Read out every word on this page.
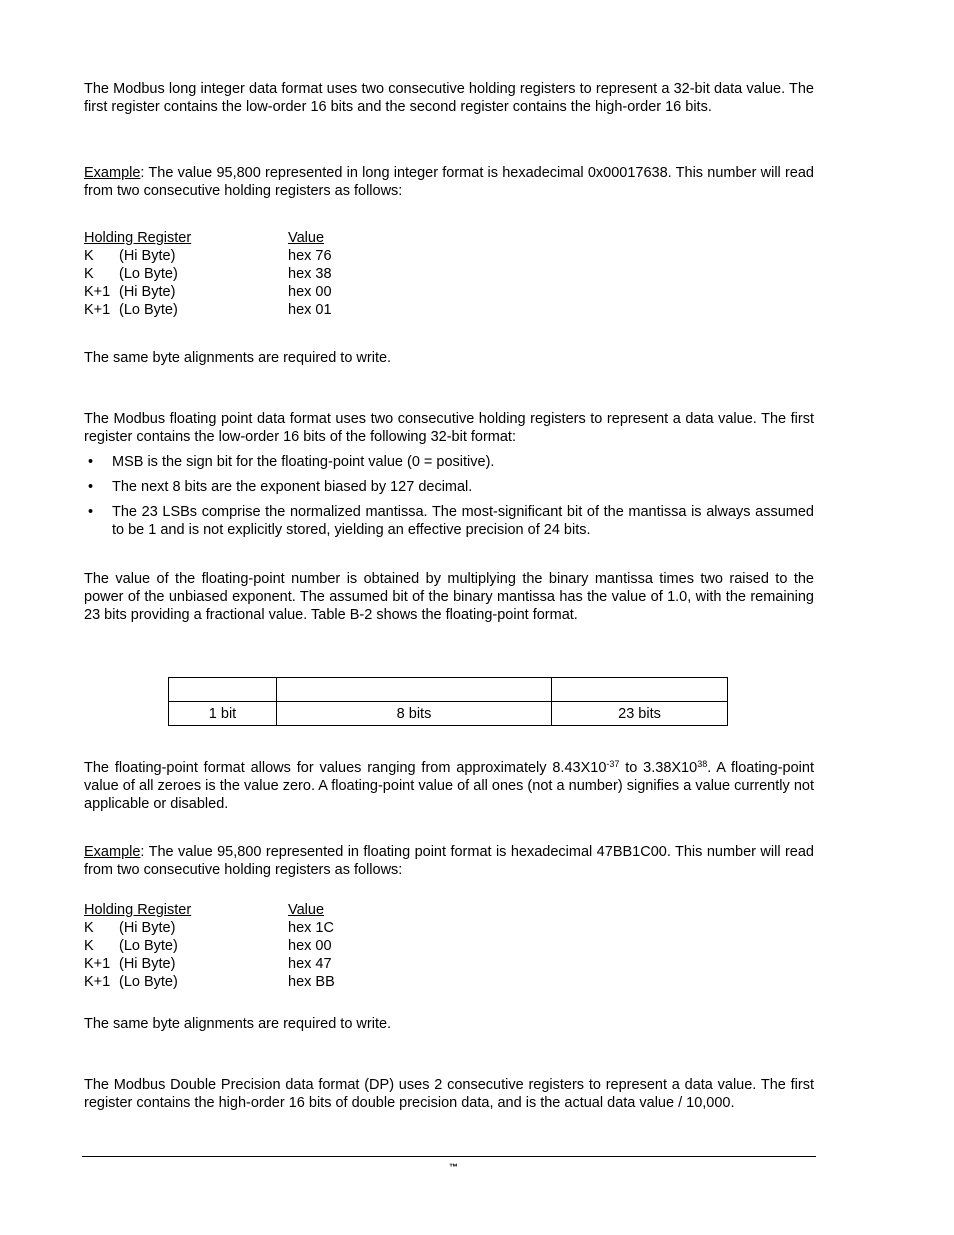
The Modbus long integer data format uses two consecutive holding registers to represent a 32-bit data value. The first register contains the low-order 16 bits and the second register contains the high-order 16 bits.
Example: The value 95,800 represented in long integer format is hexadecimal 0x00017638. This number will read from two consecutive holding registers as follows:
Holding Register	Value
K (Hi Byte)	hex 76
K (Lo Byte)	hex 38
K+1 (Hi Byte)	hex 00
K+1 (Lo Byte)	hex 01
The same byte alignments are required to write.
The Modbus floating point data format uses two consecutive holding registers to represent a data value. The first register contains the low-order 16 bits of the following 32-bit format:
• MSB is the sign bit for the floating-point value (0 = positive).
• The next 8 bits are the exponent biased by 127 decimal.
• The 23 LSBs comprise the normalized mantissa. The most-significant bit of the mantissa is always assumed to be 1 and is not explicitly stored, yielding an effective precision of 24 bits.
The value of the floating-point number is obtained by multiplying the binary mantissa times two raised to the power of the unbiased exponent. The assumed bit of the binary mantissa has the value of 1.0, with the remaining 23 bits providing a fractional value. Table B-2 shows the floating-point format.

1 bit	8 bits	23 bits
The floating-point format allows for values ranging from approximately $8.43X10^{-37}$ to $3.38X10^{38}$. A floating-point value of all zeroes is the value zero. A floating-point value of all ones (not a number) signifies a value currently not applicable or disabled.
Example: The value 95,800 represented in floating point format is hexadecimal 47BB1C00. This number will read from two consecutive holding registers as follows:
Holding Register	Value
K (Hi Byte)	hex 1C
K (Lo Byte)	hex 00
K+1 (Hi Byte)	hex 47
K+1 (Lo Byte)	hex BB
The same byte alignments are required to write.
The Modbus Double Precision data format (DP) uses 2 consecutive registers to represent a data value. The first register contains the high-order 16 bits of double precision data, and is the actual data value / 10,000.
™
